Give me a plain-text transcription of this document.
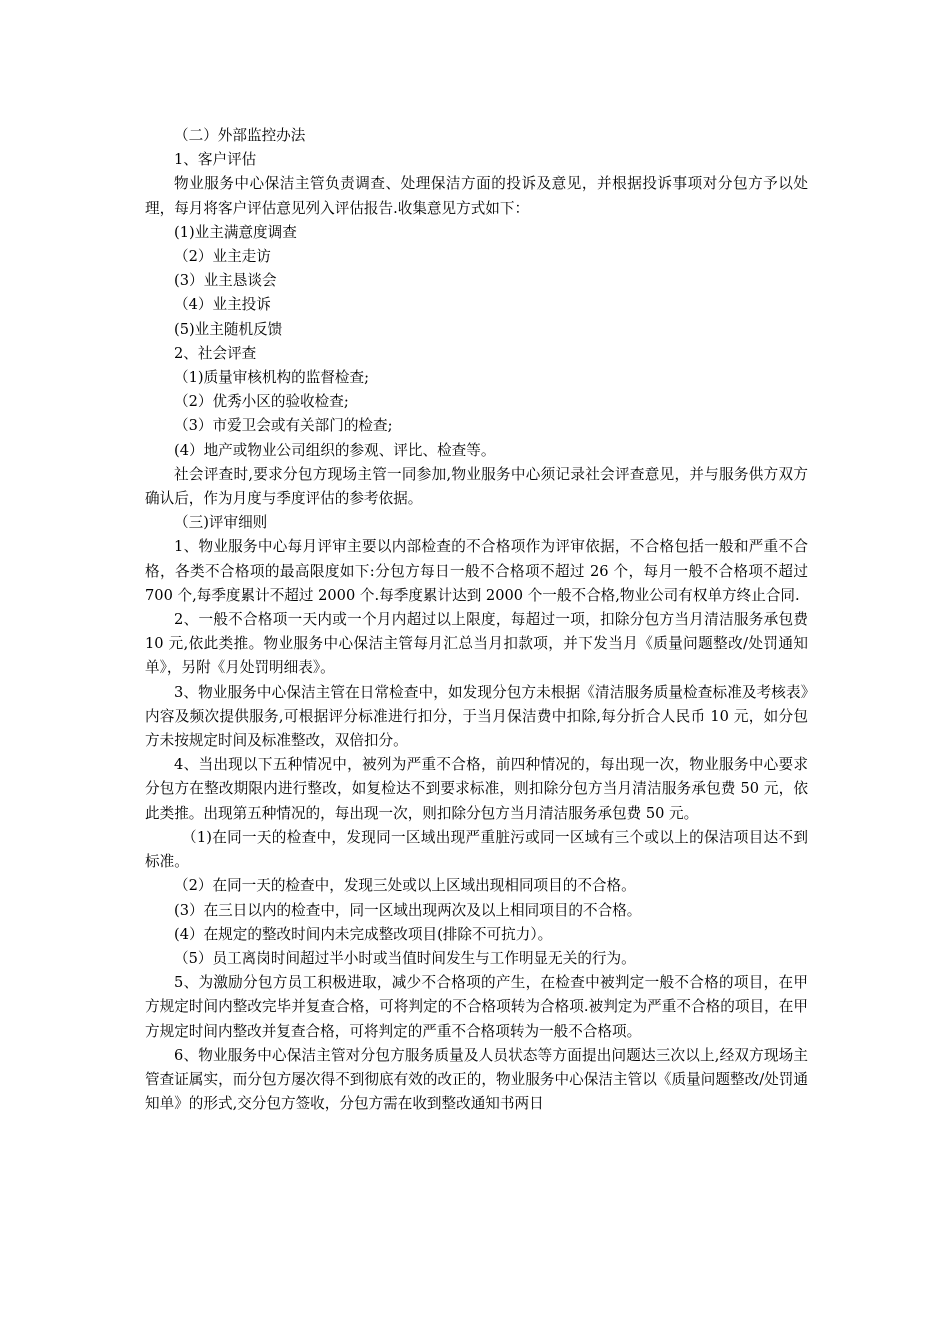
（二）外部监控办法
1、客户评估

物业服务中心保洁主管负责调查、处理保洁方面的投诉及意见，并根据投诉事项对分包方予以处理，每月将客户评估意见列入评估报告.收集意见方式如下：

(1)业主满意度调查
（2）业主走访
(3）业主恳谈会
（4）业主投诉
(5)业主随机反馈
2、社会评查
（1)质量审核机构的监督检查;
（2）优秀小区的验收检查;
（3）市爱卫会或有关部门的检查;
(4）地产或物业公司组织的参观、评比、检查等。

社会评查时,要求分包方现场主管一同参加,物业服务中心须记录社会评查意见，并与服务供方双方确认后，作为月度与季度评估的参考依据。

（三)评审细则

1、物业服务中心每月评审主要以内部检查的不合格项作为评审依据，不合格包括一般和严重不合格，各类不合格项的最高限度如下:分包方每日一般不合格项不超过 26 个，每月一般不合格项不超过 700 个,每季度累计不超过 2000 个.每季度累计达到 2000 个一般不合格,物业公司有权单方终止合同.

2、一般不合格项一天内或一个月内超过以上限度，每超过一项，扣除分包方当月清洁服务承包费 10 元,依此类推。物业服务中心保洁主管每月汇总当月扣款项，并下发当月《质量问题整改/处罚通知单》，另附《月处罚明细表》。

3、物业服务中心保洁主管在日常检查中，如发现分包方未根据《清洁服务质量检查标准及考核表》内容及频次提供服务,可根据评分标准进行扣分，于当月保洁费中扣除,每分折合人民币 10 元，如分包方未按规定时间及标准整改，双倍扣分。

4、当出现以下五种情况中，被列为严重不合格，前四种情况的，每出现一次，物业服务中心要求分包方在整改期限内进行整改，如复检达不到要求标准，则扣除分包方当月清洁服务承包费 50 元，依此类推。出现第五种情况的，每出现一次，则扣除分包方当月清洁服务承包费 50 元。

（1)在同一天的检查中，发现同一区域出现严重脏污或同一区域有三个或以上的保洁项目达不到标准。

（2）在同一天的检查中，发现三处或以上区域出现相同项目的不合格。
(3）在三日以内的检查中，同一区域出现两次及以上相同项目的不合格。
(4）在规定的整改时间内未完成整改项目(排除不可抗力）。
（5）员工离岗时间超过半小时或当值时间发生与工作明显无关的行为。

5、为激励分包方员工积极进取，减少不合格项的产生，在检查中被判定一般不合格的项目，在甲方规定时间内整改完毕并复查合格，可将判定的不合格项转为合格项.被判定为严重不合格的项目，在甲方规定时间内整改并复查合格，可将判定的严重不合格项转为一般不合格项。

6、物业服务中心保洁主管对分包方服务质量及人员状态等方面提出问题达三次以上,经双方现场主管查证属实，而分包方屡次得不到彻底有效的改正的，物业服务中心保洁主管以《质量问题整改/处罚通知单》的形式,交分包方签收，分包方需在收到整改通知书两日
